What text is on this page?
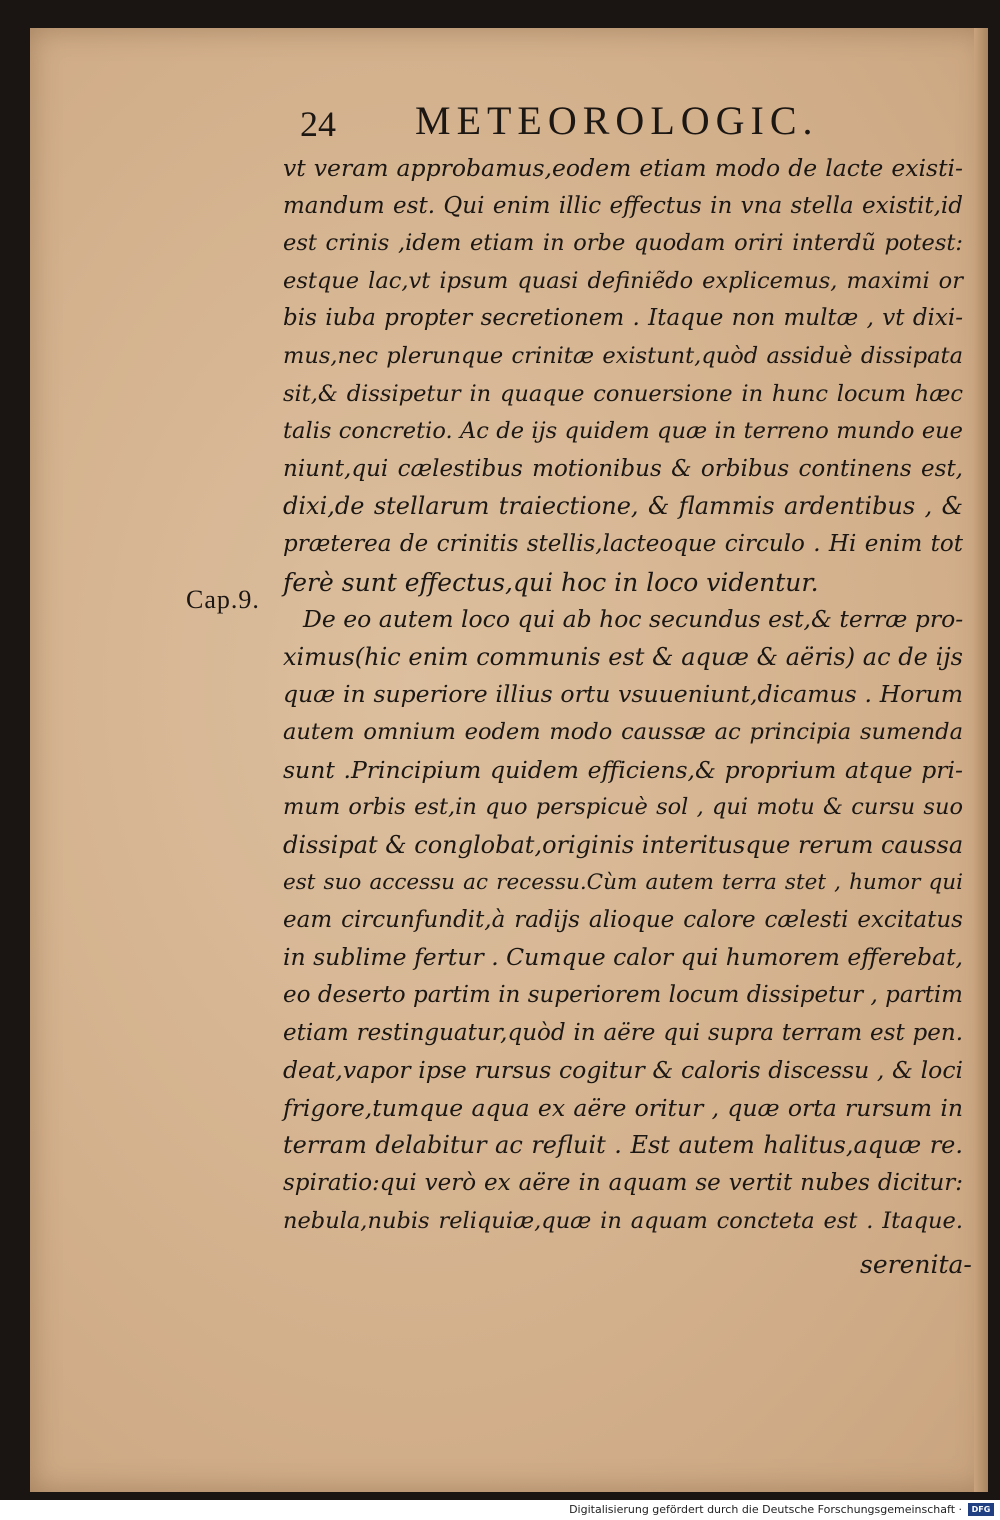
24 METEOROLOGIC.
Cap.9.
vt veram approbamus,eodem etiam modo de lacte existi-
mandum est. Qui enim illic effectus in vna stella existit,id
est crinis ,idem etiam in orbe quodam oriri interdũ potest:
estque lac,vt ipsum quasi definiẽdo explicemus, maximi or
bis iuba propter secretionem . Itaque non multæ , vt dixi-
mus,nec plerunque crinitæ existunt,quòd assiduè dissipata
sit,& dissipetur in quaque conuersione in hunc locum hæc
talis concretio. Ac de ijs quidem quæ in terreno mundo eue
niunt,qui cælestibus motionibus & orbibus continens est,
dixi,de stellarum traiectione, & flammis ardentibus , &
præterea de crinitis stellis,lacteoque circulo . Hi enim tot
ferè sunt effectus,qui hoc in loco videntur.
De eo autem loco qui ab hoc secundus est,& terræ pro-
ximus(hic enim communis est & aquæ & aëris) ac de ijs
quæ in superiore illius ortu vsuueniunt,dicamus . Horum
autem omnium eodem modo caussæ ac principia sumenda
sunt .Principium quidem efficiens,& proprium atque pri-
mum orbis est,in quo perspicuè sol , qui motu & cursu suo
dissipat & conglobat,originis interitusque rerum caussa
est suo accessu ac recessu.Cùm autem terra stet , humor qui
eam circunfundit,à radijs alioque calore cælesti excitatus
in sublime fertur . Cumque calor qui humorem efferebat,
eo deserto partim in superiorem locum dissipetur , partim
etiam restinguatur,quòd in aëre qui supra terram est pen.
deat,vapor ipse rursus cogitur & caloris discessu , & loci
frigore,tumque aqua ex aëre oritur , quæ orta rursum in
terram delabitur ac refluit . Est autem halitus,aquæ re.
spiratio:qui verò ex aëre in aquam se vertit nubes dicitur:
nebula,nubis reliquiæ,quæ in aquam concteta est . Itaque.
serenita-
Digitalisierung gefördert durch die Deutsche Forschungsgemeinschaft ·	DFG
